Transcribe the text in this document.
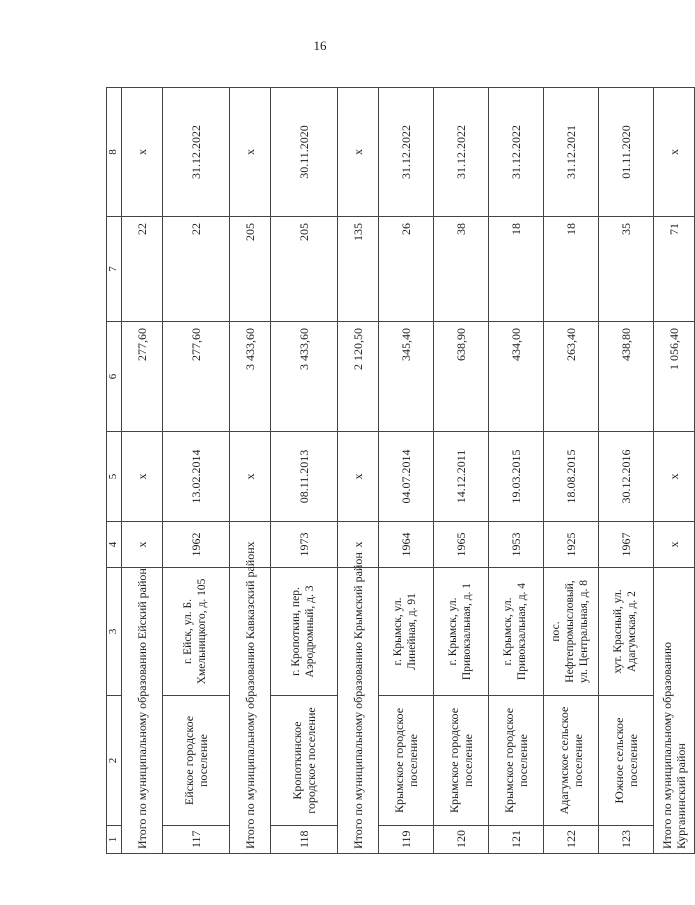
16
1	2	3	4	5	6	7	8
Итого по муниципальному образованию Ейский район			х	х	277,60	22	х
117	Ейское городское поселение	г. Ейск, ул. Б. Хмельницкого, д. 105	1962	13.02.2014	277,60	22	31.12.2022
Итого по муниципальному образованию Кавказский район			х	х	3 433,60	205	х
118	Кропоткинское городское поселение	г. Кропоткин, пер. Аэродромный, д. 3	1973	08.11.2013	3 433,60	205	30.11.2020
Итого по муниципальному образованию Крымский район			х	х	2 120,50	135	х
119	Крымское городское поселение	г. Крымск, ул. Линейная, д. 91	1964	04.07.2014	345,40	26	31.12.2022
120	Крымское городское поселение	г. Крымск, ул. Привокзальная, д. 1	1965	14.12.2011	638,90	38	31.12.2022
121	Крымское городское поселение	г. Крымск, ул. Привокзальная, д. 4	1953	19.03.2015	434,00	18	31.12.2022
122	Адагумское сельское поселение	пос. Нефтепромысловый, ул. Центральная, д. 8	1925	18.08.2015	263,40	18	31.12.2021
123	Южное сельское поселение	хут. Красный, ул. Адагумская, д. 2	1967	30.12.2016	438,80	35	01.11.2020
Итого по муниципальному образованию Курганинский район			х	х	1 056,40	71	х
